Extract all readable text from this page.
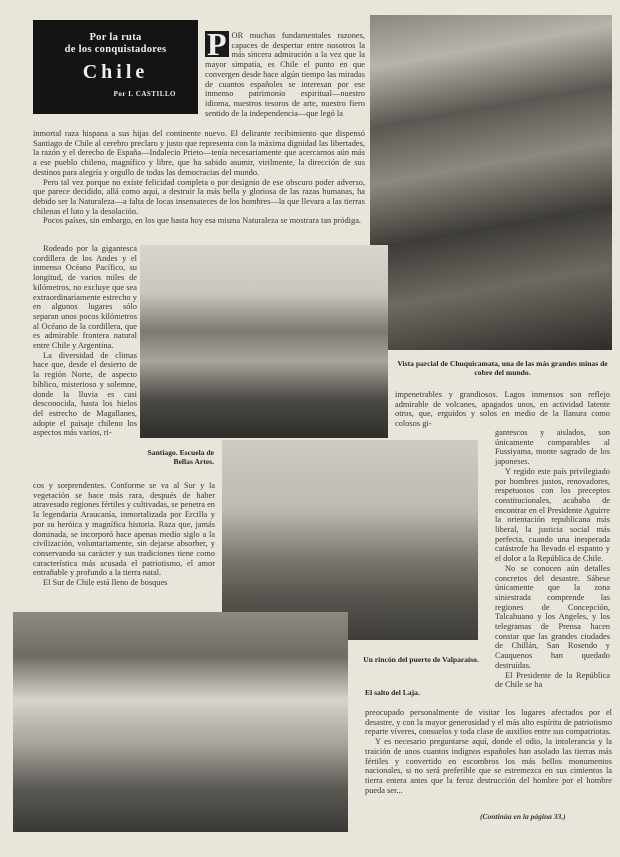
Por la ruta
de los conquistadores
Chile
Por I. CASTILLO

P OR muchas fundamentales razones, capaces de despertar entre nosotros la más sincera admiración a la vez que la mayor simpatía, es Chile el punto en que convergen desde hace algún tiempo las miradas de cuantos españoles se interesan por ese inmenso patrimonio espiritual—nuestro idioma, nuestros tesoros de arte, nuestro fiero sentido de la independencia—que legó la

inmortal raza hispana a sus hijas del continente nuevo. El delirante recibimiento que dispensó Santiago de Chile al cerebro preclaro y justo que representa con la máxima dignidad las libertades, la razón y el derecho de España—Indalecio Prieto—tenía necesariamente que acercarnos aún más a ese pueblo chileno, magnífico y libre, que ha sabido asumir, virilmente, la dirección de sus destinos para alegría y orgullo de todas las democracias del mundo.

Pero tal vez porque no existe felicidad completa o por designio de ese obscuro poder adverso, que parece decidido, allá como aquí, a destruir la más bella y gloriosa de las razas humanas, ha debido ser la Naturaleza—a falta de locas insensateces de los hombres—la que llevara a las tierras chilenas el luto y la desolación.

Pocos países, sin embargo, en los que hasta hoy esa misma Naturaleza se mostrara tan pródiga.

Vista parcial de Chuquicamata, una de las más grandes minas de cobre del mundo.

Rodeado por la gigantesca cordillera de los Andes y el inmenso Océano Pacífico, su longitud, de varios miles de kilómetros, no excluye que sea extraordinariamente estrecho y en algunos lugares sólo separan unos pocos kilómetros al Océano de la cordillera, que es admirable frontera natural entre Chile y Argentina.

La diversidad de climas hace que, desde el desierto de la región Norte, de aspecto bíblico, misterioso y solemne, donde la lluvia es casi desconocida, hasta los hielos del estrecho de Magallanes, adopte el paisaje chileno los aspectos más varios, ri-

Santiago. Escuela de Bellas Artes.

cos y sorprendentes. Conforme se va al Sur y la vegetación se hace más rara, después de haber atravesado regiones fértiles y cultivadas, se penetra en la legendaria Araucanía, inmortalizada por Ercilla y por su heróica y magnífica historia. Raza que, jamás dominada, se incorporó hace apenas medio siglo a la civilización, voluntariamente, sin dejarse absorber, y conservando su carácter y sus tradiciones tiene como característica más acusada el patriotismo, el amor entrañable y profundo a la tierra natal.

El Sur de Chile está lleno de bosques

impenetrables y grandiosos. Lagos inmensos son reflejo admirable de volcanes, apagados unos, en actividad latente otros, que, erguidos y solos en medio de la llanura como colosos gi-

gantescos y aislados, son únicamente comparables al Fussiyama, monte sagrado de los japoneses.

Y regido este país privilegiado por hombres justos, renovadores, respetuosos con los preceptos constitucionales, acababa de encontrar en el Presidente Aguirre la orientación republicana más liberal, la justicia social más perfecta, cuando una inesperada catástrofe ha llevado el espanto y el dolor a la República de Chile.

No se conocen aún detalles concretos del desastre. Sábese únicamente que la zona siniestrada comprende las regiones de Concepción, Talcahuano y los Angeles, y los telegramas de Prensa hacen constar que las grandes ciudades de Chillán, San Rosendo y Cauquenos han quedado destruídas.

El Presidente de la República de Chile se ha

Un rincón del puerto de Valparaíso.
El salto del Laja.

preocupado personalmente de visitar los lugares afectados por el desastre, y con la mayor generosidad y el más alto espíritu de patriotismo reparte víveres, consuelos y toda clase de auxilios entre sus compatriotas.

Y es necesario preguntarse aquí, donde el odio, la intolerancia y la traición de unos cuantos indignos españoles han asolado las tierras más fértiles y convertido en escombros los más bellos monumentos nacionales, si no será preferible que se estremezca en sus cimientos la tierra entera antes que la feroz destrucción del hombre por el hombre pueda ser...

(Continúa en la página 33.)
